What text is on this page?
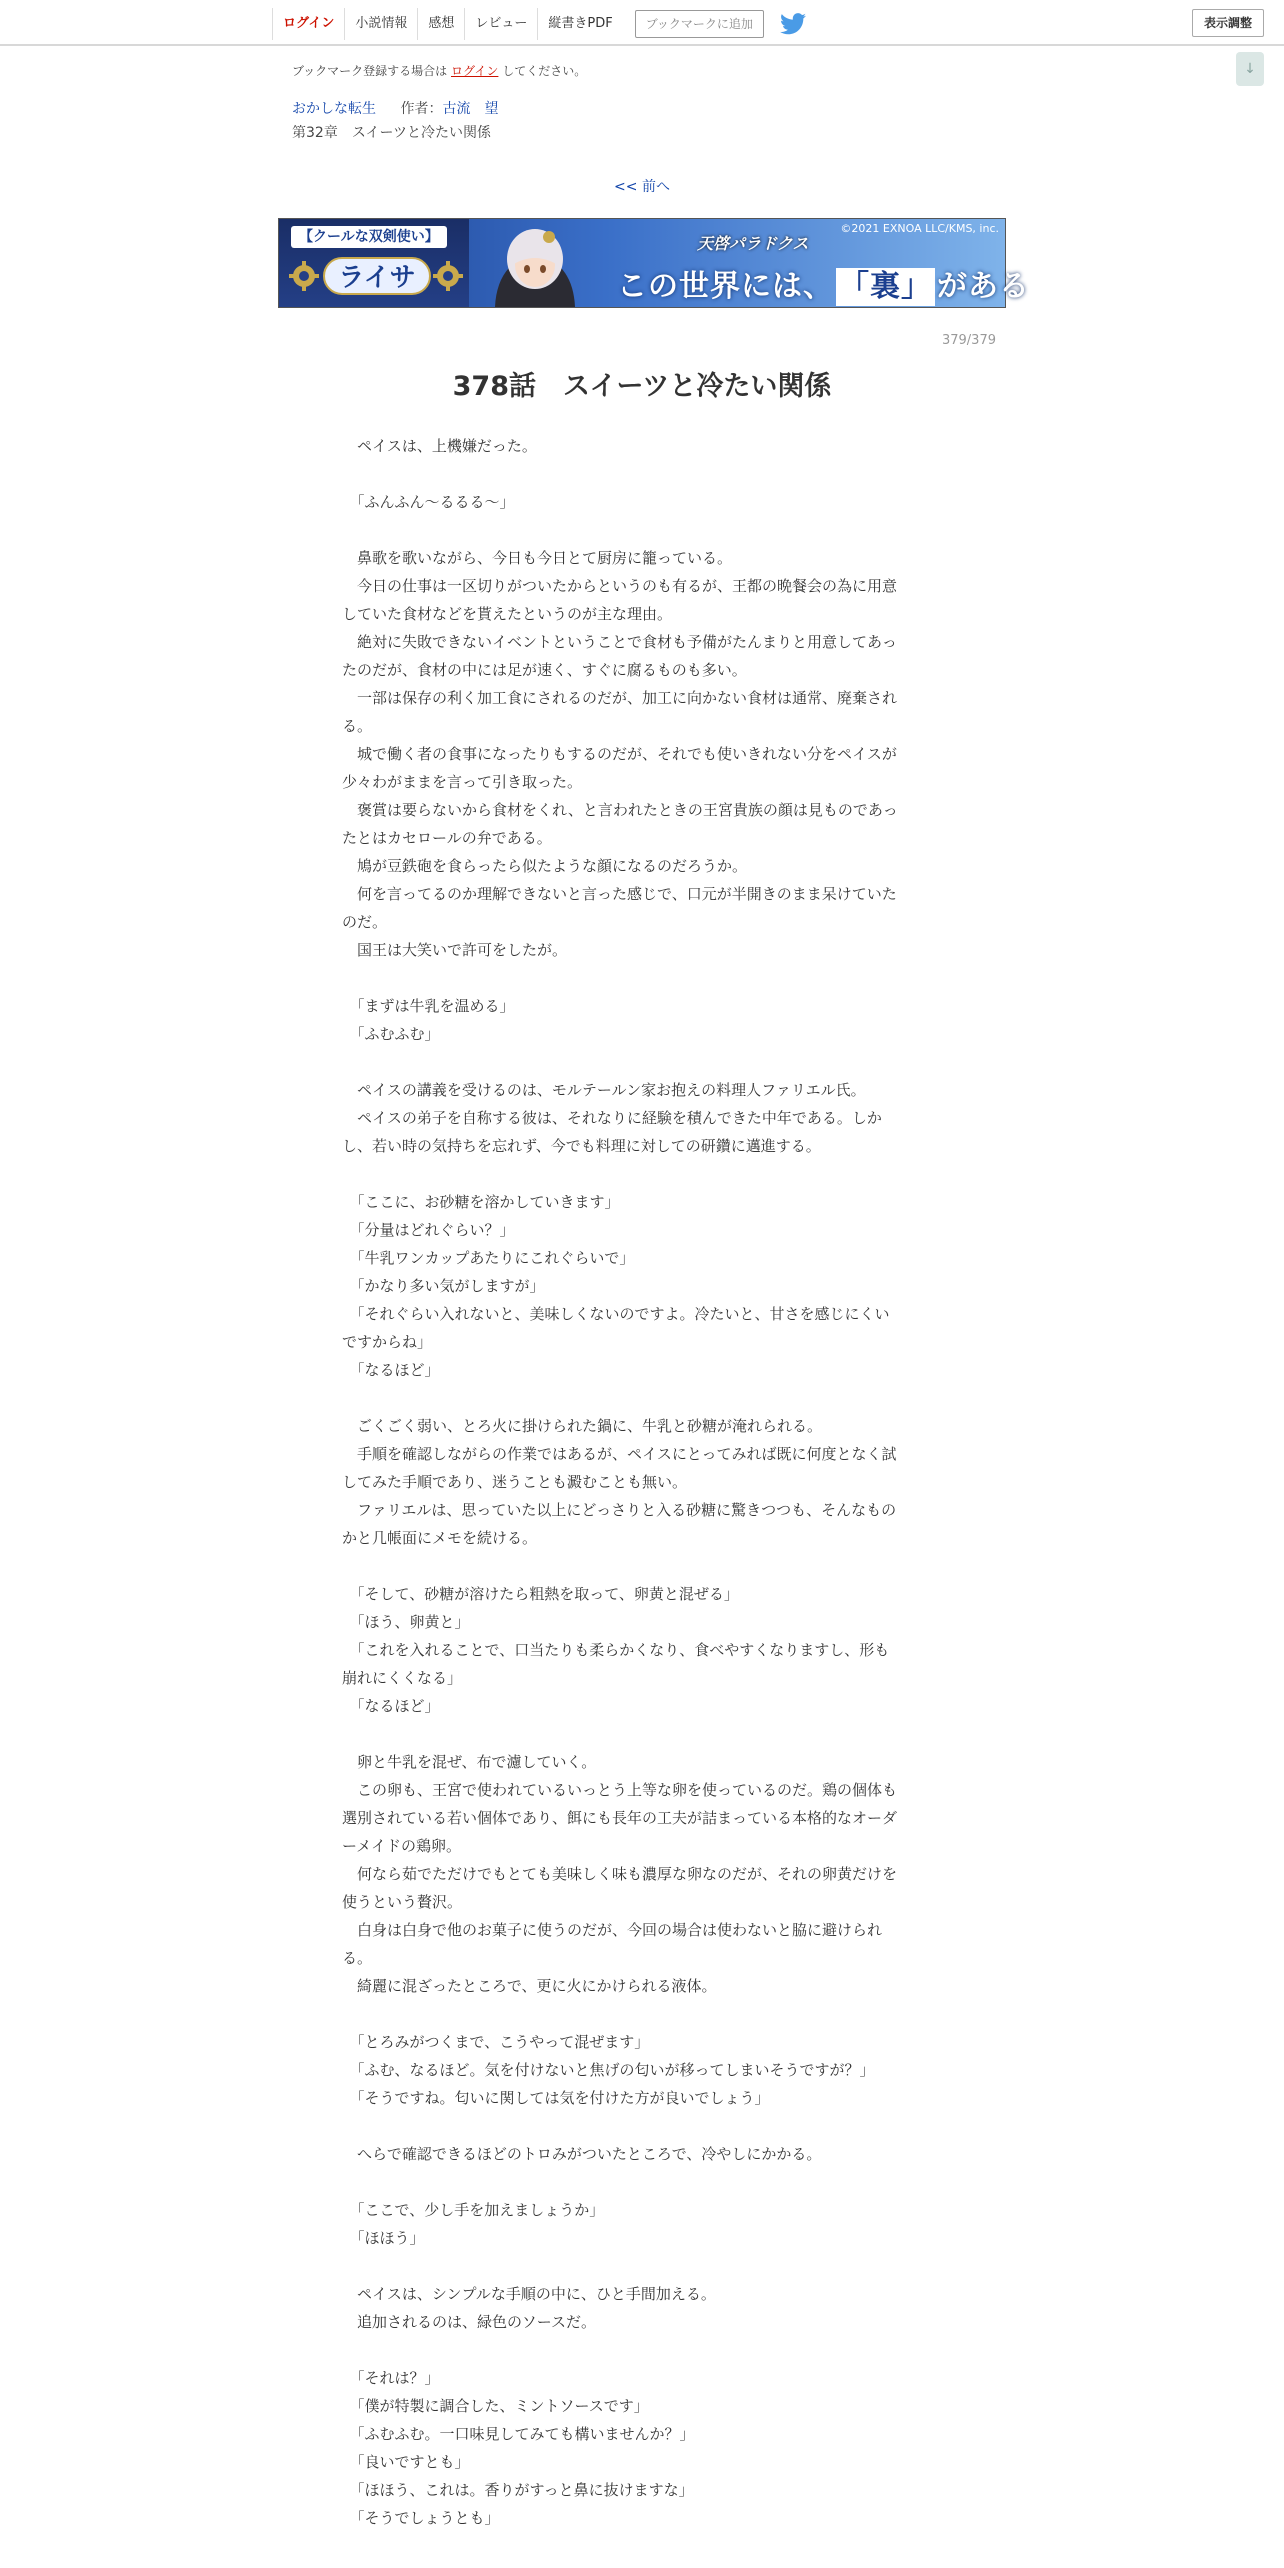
ログイン	小説情報	感想	レビュー	縦書きPDF	ブックマークに追加	表示調整
↓
ブックマーク登録する場合は ログイン してください。
おかしな転生 作者：古流　望
第32章　スイーツと冷たい関係
<< 前へ
【クールな双剣使い】
ライサ
天啓パラドクス
©2021 EXNOA LLC/KMS, inc.
この世界には、 「裏」 がある
379/379
378話　スイーツと冷たい関係

　ペイスは、上機嫌だった。

　「ふんふん～るるる～」

　鼻歌を歌いながら、今日も今日とて厨房に籠っている。

　今日の仕事は一区切りがついたからというのも有るが、王都の晩餐会の為に用意

していた食材などを貰えたというのが主な理由。

　絶対に失敗できないイベントということで食材も予備がたんまりと用意してあっ

たのだが、食材の中には足が速く、すぐに腐るものも多い。

　一部は保存の利く加工食にされるのだが、加工に向かない食材は通常、廃棄され

る。

　城で働く者の食事になったりもするのだが、それでも使いきれない分をペイスが

少々わがままを言って引き取った。

　褒賞は要らないから食材をくれ、と言われたときの王宮貴族の顔は見ものであっ

たとはカセロールの弁である。

　鳩が豆鉄砲を食らったら似たような顔になるのだろうか。

　何を言ってるのか理解できないと言った感じで、口元が半開きのまま呆けていた

のだ。

　国王は大笑いで許可をしたが。

　「まずは牛乳を温める」

　「ふむふむ」

　ペイスの講義を受けるのは、モルテールン家お抱えの料理人ファリエル氏。

　ペイスの弟子を自称する彼は、それなりに経験を積んできた中年である。しか

し、若い時の気持ちを忘れず、今でも料理に対しての研鑽に邁進する。

　「ここに、お砂糖を溶かしていきます」

　「分量はどれぐらい？」

　「牛乳ワンカップあたりにこれぐらいで」

　「かなり多い気がしますが」

　「それぐらい入れないと、美味しくないのですよ。冷たいと、甘さを感じにくい

ですからね」

　「なるほど」

　ごくごく弱い、とろ火に掛けられた鍋に、牛乳と砂糖が淹れられる。

　手順を確認しながらの作業ではあるが、ペイスにとってみれば既に何度となく試

してみた手順であり、迷うことも澱むことも無い。

　ファリエルは、思っていた以上にどっさりと入る砂糖に驚きつつも、そんなもの

かと几帳面にメモを続ける。

　「そして、砂糖が溶けたら粗熱を取って、卵黄と混ぜる」

　「ほう、卵黄と」

　「これを入れることで、口当たりも柔らかくなり、食べやすくなりますし、形も

崩れにくくなる」

　「なるほど」

　卵と牛乳を混ぜ、布で濾していく。

　この卵も、王宮で使われているいっとう上等な卵を使っているのだ。鶏の個体も

選別されている若い個体であり、餌にも長年の工夫が詰まっている本格的なオーダ

ーメイドの鶏卵。

　何なら茹でただけでもとても美味しく味も濃厚な卵なのだが、それの卵黄だけを

使うという贅沢。

　白身は白身で他のお菓子に使うのだが、今回の場合は使わないと脇に避けられ

る。

　綺麗に混ざったところで、更に火にかけられる液体。

　「とろみがつくまで、こうやって混ぜます」

　「ふむ、なるほど。気を付けないと焦げの匂いが移ってしまいそうですが？」

　「そうですね。匂いに関しては気を付けた方が良いでしょう」

　へらで確認できるほどのトロみがついたところで、冷やしにかかる。

　「ここで、少し手を加えましょうか」

　「ほほう」

　ペイスは、シンプルな手順の中に、ひと手間加える。

　追加されるのは、緑色のソースだ。

　「それは？」

　「僕が特製に調合した、ミントソースです」

　「ふむふむ。一口味見してみても構いませんか？」

　「良いですとも」

　「ほほう、これは。香りがすっと鼻に抜けますな」

　「そうでしょうとも」
